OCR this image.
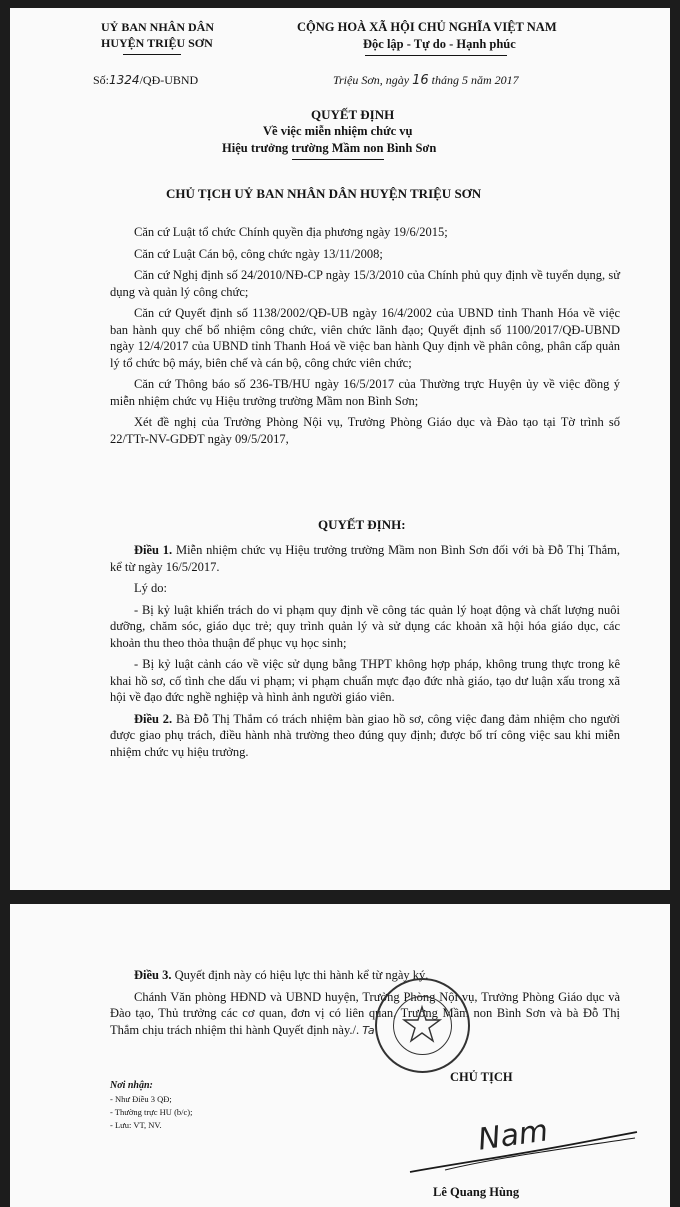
UỶ BAN NHÂN DÂN
HUYỆN TRIỆU SƠN
Số:1324/QĐ-UBND
CỘNG HOÀ XÃ HỘI CHỦ NGHĨA VIỆT NAM
Độc lập - Tự do - Hạnh phúc
Triệu Sơn, ngày 16 tháng 5 năm 2017
QUYẾT ĐỊNH
Về việc miễn nhiệm chức vụ
Hiệu trưởng trường Mầm non Bình Sơn
CHỦ TỊCH UỶ BAN NHÂN DÂN HUYỆN TRIỆU SƠN

Căn cứ Luật tổ chức Chính quyền địa phương ngày 19/6/2015;

Căn cứ Luật Cán bộ, công chức ngày 13/11/2008;

Căn cứ Nghị định số 24/2010/NĐ-CP ngày 15/3/2010 của Chính phủ quy định về tuyển dụng, sử dụng và quản lý công chức;

Căn cứ Quyết định số 1138/2002/QĐ-UB ngày 16/4/2002 của UBND tỉnh Thanh Hóa về việc ban hành quy chế bổ nhiệm công chức, viên chức lãnh đạo; Quyết định số 1100/2017/QĐ-UBND ngày 12/4/2017 của UBND tỉnh Thanh Hoá về việc ban hành Quy định về phân công, phân cấp quản lý tổ chức bộ máy, biên chế và cán bộ, công chức viên chức;

Căn cứ Thông báo số 236-TB/HU ngày 16/5/2017 của Thường trực Huyện ủy về việc đồng ý miễn nhiệm chức vụ Hiệu trưởng trường Mầm non Bình Sơn;

Xét đề nghị của Trưởng Phòng Nội vụ, Trưởng Phòng Giáo dục và Đào tạo tại Tờ trình số 22/TTr-NV-GDĐT ngày 09/5/2017,

QUYẾT ĐỊNH:

Điều 1. Miễn nhiệm chức vụ Hiệu trưởng trường Mầm non Bình Sơn đối với bà Đỗ Thị Thắm, kể từ ngày 16/5/2017.

Lý do:

- Bị kỷ luật khiển trách do vi phạm quy định về công tác quản lý hoạt động và chất lượng nuôi dưỡng, chăm sóc, giáo dục trẻ; quy trình quản lý và sử dụng các khoản xã hội hóa giáo dục, các khoản thu theo thỏa thuận để phục vụ học sinh;

- Bị kỷ luật cảnh cáo về việc sử dụng bằng THPT không hợp pháp, không trung thực trong kê khai hồ sơ, cố tình che dấu vi phạm; vi phạm chuẩn mực đạo đức nhà giáo, tạo dư luận xấu trong xã hội về đạo đức nghề nghiệp và hình ảnh người giáo viên.

Điều 2. Bà Đỗ Thị Thắm có trách nhiệm bàn giao hồ sơ, công việc đang đảm nhiệm cho người được giao phụ trách, điều hành nhà trường theo đúng quy định; được bố trí công việc sau khi miễn nhiệm chức vụ hiệu trưởng.

Điều 3. Quyết định này có hiệu lực thi hành kể từ ngày ký.

Chánh Văn phòng HĐND và UBND huyện, Trưởng Phòng Nội vụ, Trưởng Phòng Giáo dục và Đào tạo, Thủ trưởng các cơ quan, đơn vị có liên quan, Trưởng Mầm non Bình Sơn và bà Đỗ Thị Thắm chịu trách nhiệm thi hành Quyết định này./. Ta

Nơi nhận:
- Như Điều 3 QĐ;
- Thường trực HU (b/c);
- Lưu: VT, NV.
CHỦ TỊCH
Nam
Lê Quang Hùng
